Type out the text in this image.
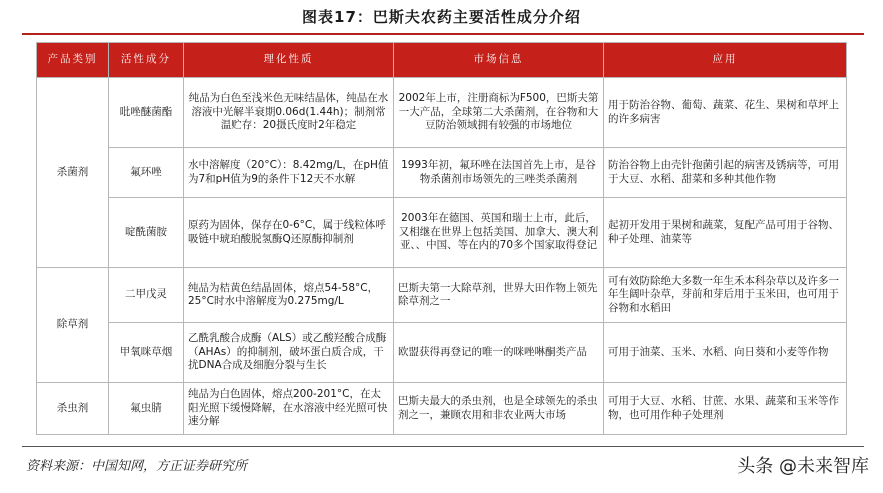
图表17：巴斯夫农药主要活性成分介绍
产品类别	活性成分	理化性质	市场信息	应用
杀菌剂	吡唑醚菌酯	纯品为白色至浅米色无味结晶体，纯品在水溶液中光解半衰期0.06d(1.44h)；制剂常温贮存：20摄氏度时2年稳定	2002年上市，注册商标为F500，巴斯夫第一大产品，全球第二大杀菌剂，在谷物和大豆防治领域拥有较强的市场地位	用于防治谷物、葡萄、蔬菜、花生、果树和草坪上的许多病害
	氟环唑	水中溶解度（20°C）：8.42mg/L，在pH值为7和pH值为9的条件下12天不水解	1993年初，氟环唑在法国首先上市，是谷物杀菌剂市场领先的三唑类杀菌剂	防治谷物上由壳针孢菌引起的病害及锈病等，可用于大豆、水稻、甜菜和多种其他作物
	啶酰菌胺	原药为固体，保存在0-6°C，属于线粒体呼吸链中琥珀酸脱氢酶Q还原酶抑制剂	2003年在德国、英国和瑞士上市，此后，又相继在世界上包括美国、加拿大、澳大利亚、、中国、等在内的70多个国家取得登记	起初开发用于果树和蔬菜，复配产品可用于谷物、种子处理、油菜等
除草剂	二甲戊灵	纯品为桔黄色结晶固体，熔点54-58°C，25°C时水中溶解度为0.275mg/L	巴斯夫第一大除草剂，世界大田作物上领先除草剂之一	可有效防除绝大多数一年生禾本科杂草以及许多一年生阔叶杂草，芽前和芽后用于玉米田，也可用于谷物和水稻田
	甲氧咪草烟	乙酰乳酸合成酶（ALS）或乙酸羟酸合成酶（AHAs）的抑制剂，破坏蛋白质合成，干扰DNA合成及细胞分裂与生长	欧盟获得再登记的唯一的咪唑啉酮类产品	可用于油菜、玉米、水稻、向日葵和小麦等作物
杀虫剂	氟虫腈	纯品为白色固体，熔点200-201°C，在太阳光照下缓慢降解，在水溶液中经光照可快速分解	巴斯夫最大的杀虫剂，也是全球领先的杀虫剂之一，兼顾农用和非农业两大市场	可用于大豆、水稻、甘蔗、水果、蔬菜和玉米等作物，也可用作种子处理剂
资料来源：中国知网，方正证券研究所	头条 @未来智库
